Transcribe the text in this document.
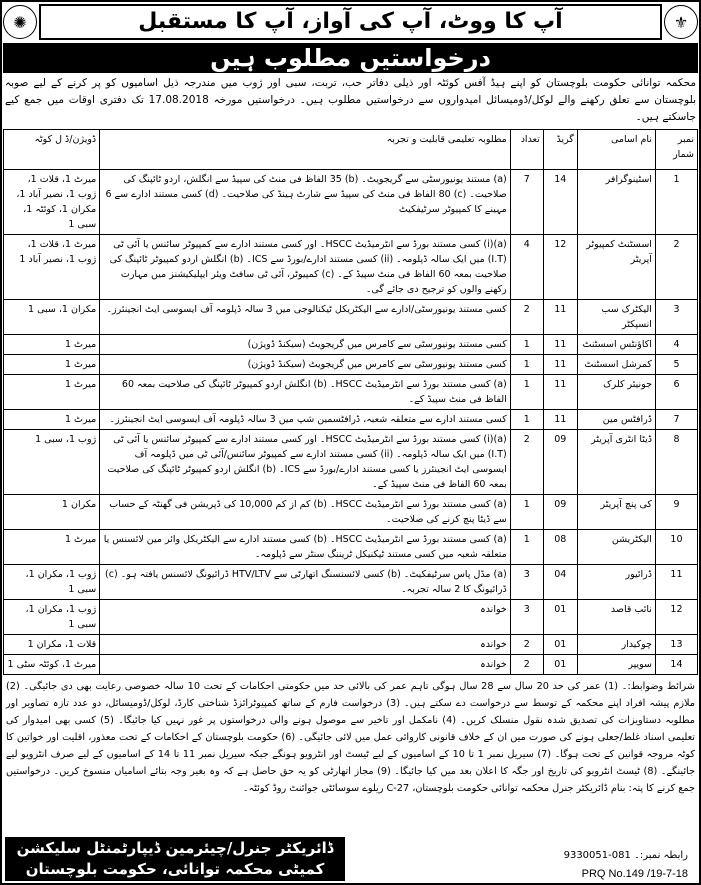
✺	آپ کا ووٹ، آپ کی آواز، آپ کا مستقبل	⚜
درخواستیں مطلوب ہیں
محکمہ توانائی حکومت بلوچستان کو اپنے ہیڈ آفس کوئٹہ اور ذیلی دفاتر حب، تربت، سبی اور ژوب میں مندرجہ ذیل اسامیوں کو پر کرنے کے لیے صوبہ بلوچستان سے تعلق رکھنے والے لوکل/ڈومیسائل امیدواروں سے درخواستیں مطلوب ہیں۔ درخواستیں مورخہ 17.08.2018 تک دفتری اوقات میں جمع کیے جاسکتے ہیں۔
نمبر شمار	نام اسامی	گریڈ	تعداد	مطلوبہ تعلیمی قابلیت و تجربہ	ڈویژن/ڈ ل کوٹہ
1	اسٹینوگرافر	14	7	(a) مستند یونیورسٹی سے گریجویٹ۔ (b) 35 الفاظ فی منٹ کی سپیڈ سے انگلش، اردو ٹائپنگ کی صلاحیت۔ (c) 80 الفاظ فی منٹ کی سپیڈ سے شارٹ ہینڈ کی صلاحیت۔ (d) کسی مستند ادارے سے 6 مہینے کا کمپیوٹر سرٹیفکیٹ	میرٹ 1، قلات 1، ژوب 1، نصیر آباد 1، مکران 1، کوئٹہ 1، سبی 1
2	اسسٹنٹ کمپیوٹر آپریٹر	12	4	(a)(i) کسی مستند بورڈ سے انٹرمیڈیٹ HSCC۔ اور کسی مستند ادارے سے کمپیوٹر سائنس یا آئی ٹی (I.T) میں ایک سالہ ڈپلومہ۔ (ii) کسی مستند ادارے/بورڈ سے ICS۔ (b) انگلش اردو کمپیوٹر ٹائپنگ کی صلاحیت بمعہ 60 الفاظ فی منٹ سپیڈ کے۔ (c) کمپیوٹر، آئی ٹی سافٹ ویئر ایپلیکیشنز میں مہارت رکھنے والوں کو ترجیح دی جائے گی۔	میرٹ 1، قلات 1، ژوب 1، نصیر آباد 1
3	الیکٹرک سب انسپکٹر	11	2	کسی مستند یونیورسٹی/ادارے سے الیکٹریکل ٹیکنالوجی میں 3 سالہ ڈپلومہ آف ایسوسی ایٹ انجینئرز۔	مکران 1، سبی 1
4	اکاؤنٹس اسسٹنٹ	11	1	کسی مستند یونیورسٹی سے کامرس میں گریجویٹ (سیکنڈ ڈویژن)	میرٹ 1
5	کمرشل اسسٹنٹ	11	1	کسی مستند یونیورسٹی سے کامرس میں گریجویٹ (سیکنڈ ڈویژن)	میرٹ 1
6	جونیئر کلرک	11	1	(a) کسی مستند بورڈ سے انٹرمیڈیٹ HSCC۔ (b) انگلش اردو کمپیوٹر ٹائپنگ کی صلاحیت بمعہ 60 الفاظ فی منٹ سپیڈ کے۔	میرٹ 1
7	ڈرافٹس مین	11	1	کسی مستند ادارے سے متعلقہ شعبہ، ڈرافٹسمین شپ میں 3 سالہ ڈپلومہ آف ایسوسی ایٹ انجینئرز۔	میرٹ 1
8	ڈیٹا انٹری آپریٹر	09	2	(a)(i) کسی مستند بورڈ سے انٹرمیڈیٹ HSCC۔ اور کسی مستند ادارے سے کمپیوٹر سائنس یا آئی ٹی (I.T) میں ایک سالہ ڈپلومہ۔ (ii) کسی مستند ادارے سے کمپیوٹر سائنس/آئی ٹی میں ڈپلومہ آف ایسوسی ایٹ انجینئرز یا کسی مستند ادارے/بورڈ سے ICS۔ (b) انگلش اردو کمپیوٹر ٹائپنگ کی صلاحیت بمعہ 60 الفاظ فی منٹ سپیڈ کے۔	ژوب 1، سبی 1
9	کی پنچ آپریٹر	09	1	(a) کسی مستند بورڈ سے انٹرمیڈیٹ HSCC۔ (b) کم از کم 10,000 کی ڈپریشن فی گھنٹہ کے حساب سے ڈیٹا پنچ کرنے کی صلاحیت۔	مکران 1
10	الیکٹریشن	08	1	(a) کسی مستند بورڈ سے انٹرمیڈیٹ HSCC۔ (b) کسی مستند ادارے سے الیکٹریکل وائر مین لائسنس یا متعلقہ شعبہ میں کسی مستند ٹیکنیکل ٹریننگ سنٹر سے ڈپلومہ۔	میرٹ 1
11	ڈرائیور	04	3	(a) مڈل پاس سرٹیفکیٹ۔ (b) کسی لائسنسنگ اتھارٹی سے HTV/LTV ڈرائیونگ لائسنس یافتہ ہو۔ (c) ڈرائیونگ کا 2 سالہ تجربہ۔	ژوب 1، مکران 1، سبی 1
12	نائب قاصد	01	3	خواندہ	ژوب 1، مکران 1، سبی 1
13	چوکیدار	01	2	خواندہ	قلات 1، مکران 1
14	سویپر	01	2	خواندہ	میرٹ 1، کوئٹہ سٹی 1
شرائط وضوابط:۔ (1) عمر کی حد 20 سال سے 28 سال ہوگی تاہم عمر کی بالائی حد میں حکومتی احکامات کے تحت 10 سالہ خصوصی رعایت بھی دی جائیگی۔ (2) ملازم پیشہ افراد اپنے محکمہ کے توسط سے درخواست دے سکتے ہیں۔ (3) درخواست فارم کے ساتھ کمپیوٹرائزڈ شناختی کارڈ، لوکل/ڈومیسائل، دو عدد تازہ تصاویر اور مطلوبہ دستاویزات کی تصدیق شدہ نقول منسلک کریں۔ (4) نامکمل اور تاخیر سے موصول ہونے والی درخواستوں پر غور نہیں کیا جائیگا۔ (5) کسی بھی امیدوار کی تعلیمی اسناد غلط/جعلی ہونے کی صورت میں ان کے خلاف قانونی کاروائی عمل میں لائی جائیگی۔ (6) حکومت بلوچستان کے احکامات کے تحت معذور، اقلیت اور خواتین کا کوٹہ مروجہ قوانین کے تحت ہوگا۔ (7) سیریل نمبر 1 تا 10 کے اسامیوں کے لیے ٹیسٹ اور انٹرویو ہونگے جبکہ سیریل نمبر 11 تا 14 کے اسامیوں کے لیے صرف انٹرویو لیے جائینگے۔ (8) ٹیسٹ انٹرویو کی تاریخ اور جگہ کا اعلان بعد میں کیا جائیگا۔ (9) مجاز اتھارٹی کو یہ حق حاصل ہے کہ وہ بغیر وجہ بتائے اسامیاں منسوخ کریں۔ درخواستیں جمع کرنے کا پتہ: بنام ڈائریکٹر جنرل محکمہ توانائی حکومت بلوچستان، C-27 ریلوے سوسائٹی جوائنٹ روڈ کوئٹہ۔
ڈائریکٹر جنرل/چیئرمین ڈیپارٹمنٹل سلیکشن کمیٹی محکمہ توانائی، حکومت بلوچستان
رابطہ نمبر:۔ 081-9330051
PRQ No.149 /19-7-18
